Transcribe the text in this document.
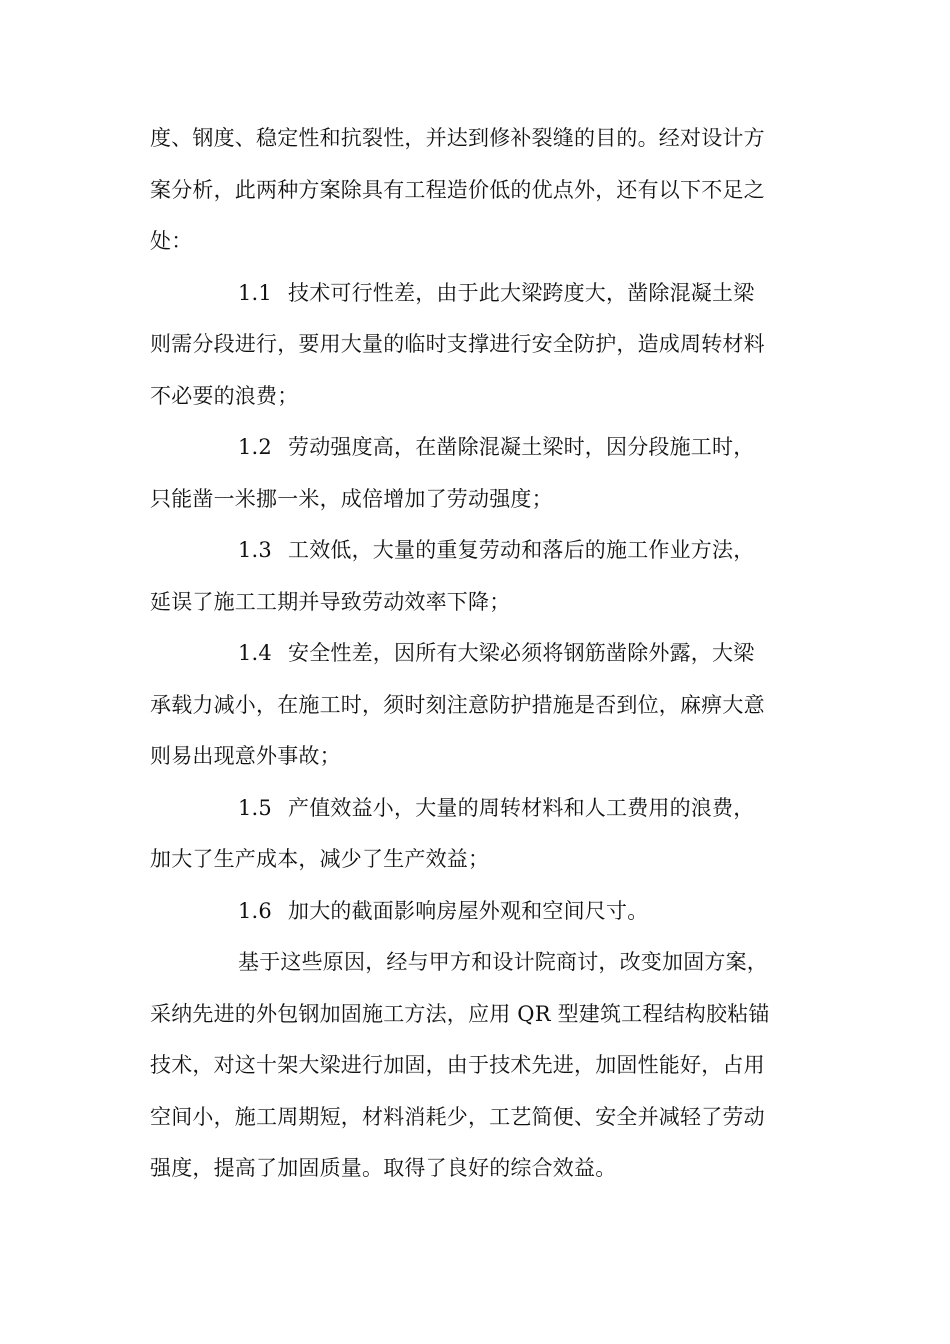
度、钢度、稳定性和抗裂性，并达到修补裂缝的目的。经对设计方
案分析，此两种方案除具有工程造价低的优点外，还有以下不足之
处：
1.1 技术可行性差，由于此大梁跨度大，凿除混凝土梁
则需分段进行，要用大量的临时支撑进行安全防护，造成周转材料
不必要的浪费；
1.2 劳动强度高，在凿除混凝土梁时，因分段施工时，
只能凿一米挪一米，成倍增加了劳动强度；
1.3 工效低，大量的重复劳动和落后的施工作业方法，
延误了施工工期并导致劳动效率下降；
1.4 安全性差，因所有大梁必须将钢筋凿除外露，大梁
承载力减小，在施工时，须时刻注意防护措施是否到位，麻痹大意
则易出现意外事故；
1.5 产值效益小，大量的周转材料和人工费用的浪费，
加大了生产成本，减少了生产效益；
1.6 加大的截面影响房屋外观和空间尺寸。
基于这些原因，经与甲方和设计院商讨，改变加固方案，
采纳先进的外包钢加固施工方法，应用 QR 型建筑工程结构胶粘锚
技术，对这十架大梁进行加固，由于技术先进，加固性能好，占用
空间小，施工周期短，材料消耗少，工艺简便、安全并减轻了劳动
强度，提高了加固质量。取得了良好的综合效益。
